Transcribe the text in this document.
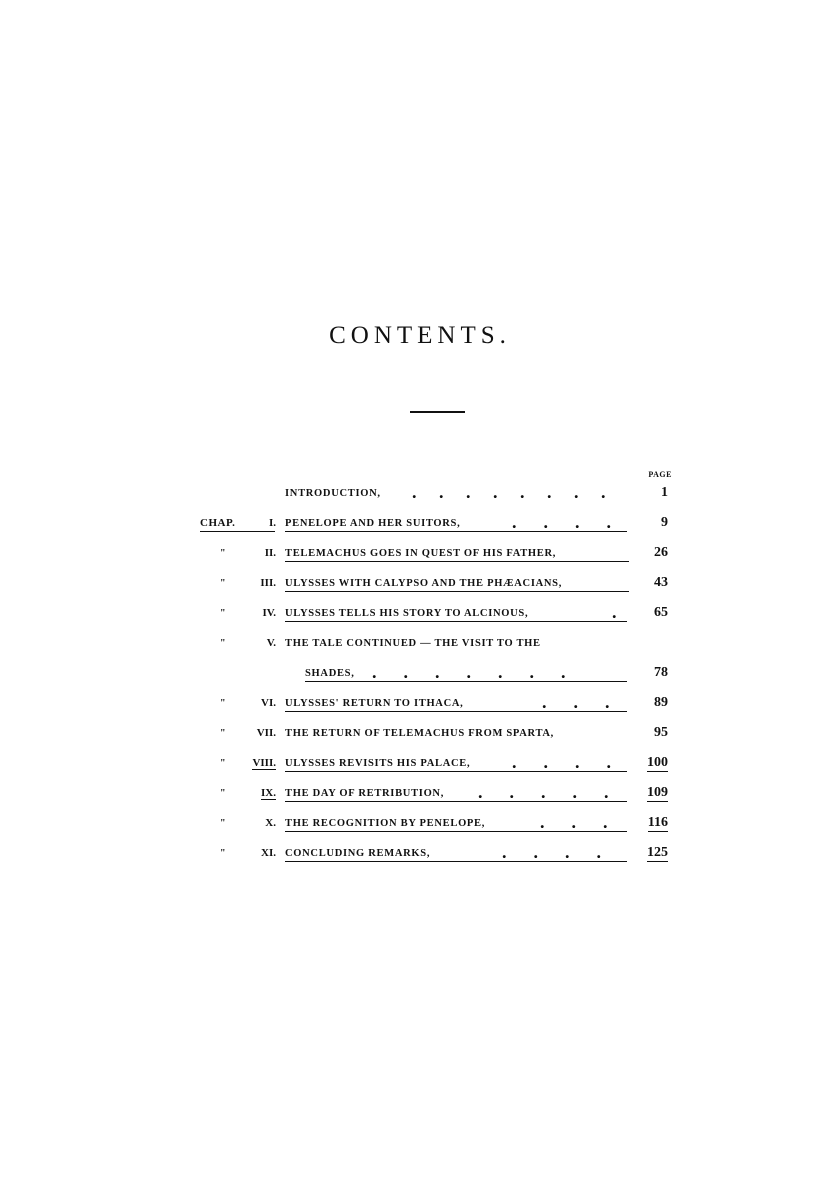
CONTENTS.
PAGE
INTRODUCTION, .     .     .     .     .     .     .     .	1
CHAP.	I. PENELOPE AND HER SUITORS,	.      .      .      .	9
"	II. TELEMACHUS GOES IN QUEST OF HIS FATHER,	26
"	III. ULYSSES WITH CALYPSO AND THE PHÆACIANS,	43
"	IV. ULYSSES TELLS HIS STORY TO ALCINOUS,	.	65
"	V. THE TALE CONTINUED — THE VISIT TO THE
SHADES, .      .      .      .      .      .      .	78
"	VI. ULYSSES' RETURN TO ITHACA,	.      .      .	89
"	VII. THE RETURN OF TELEMACHUS FROM SPARTA,	95
" VIII. ULYSSES REVISITS HIS PALACE, .      .      .      .	100
"	IX. THE DAY OF RETRIBUTION, .      .      .      .      .	109
"	X. THE RECOGNITION BY PENELOPE,	.      .      .	116
"	XI. CONCLUDING REMARKS,	.      .      .      .	125
